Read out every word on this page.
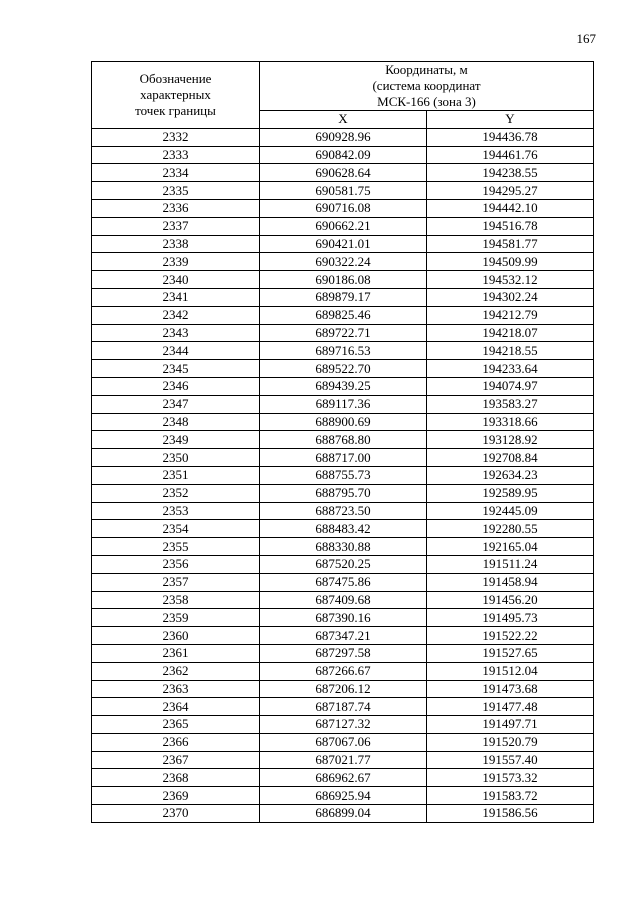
167
Обозначение
характерных
точек границы	Координаты, м
(система координат
МСК-166 (зона 3)	
	X	Y
2332	690928.96	194436.78
2333	690842.09	194461.76
2334	690628.64	194238.55
2335	690581.75	194295.27
2336	690716.08	194442.10
2337	690662.21	194516.78
2338	690421.01	194581.77
2339	690322.24	194509.99
2340	690186.08	194532.12
2341	689879.17	194302.24
2342	689825.46	194212.79
2343	689722.71	194218.07
2344	689716.53	194218.55
2345	689522.70	194233.64
2346	689439.25	194074.97
2347	689117.36	193583.27
2348	688900.69	193318.66
2349	688768.80	193128.92
2350	688717.00	192708.84
2351	688755.73	192634.23
2352	688795.70	192589.95
2353	688723.50	192445.09
2354	688483.42	192280.55
2355	688330.88	192165.04
2356	687520.25	191511.24
2357	687475.86	191458.94
2358	687409.68	191456.20
2359	687390.16	191495.73
2360	687347.21	191522.22
2361	687297.58	191527.65
2362	687266.67	191512.04
2363	687206.12	191473.68
2364	687187.74	191477.48
2365	687127.32	191497.71
2366	687067.06	191520.79
2367	687021.77	191557.40
2368	686962.67	191573.32
2369	686925.94	191583.72
2370	686899.04	191586.56
